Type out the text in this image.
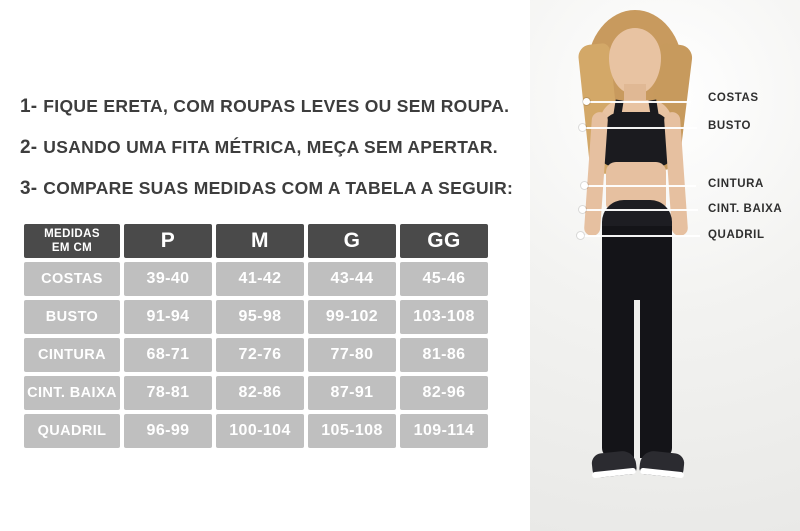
1- FIQUE ERETA, COM ROUPAS LEVES OU SEM ROUPA.
2- USANDO UMA FITA MÉTRICA, MEÇA SEM APERTAR.
3- COMPARE SUAS MEDIDAS COM A TABELA A SEGUIR:
MEDIDAS
EM CM	P	M	G	GG
COSTAS	39-40	41-42	43-44	45-46
BUSTO	91-94	95-98	99-102	103-108
CINTURA	68-71	72-76	77-80	81-86
CINT. BAIXA	78-81	82-86	87-91	82-96
QUADRIL	96-99	100-104	105-108	109-114
COSTAS
BUSTO
CINTURA
CINT. BAIXA
QUADRIL
